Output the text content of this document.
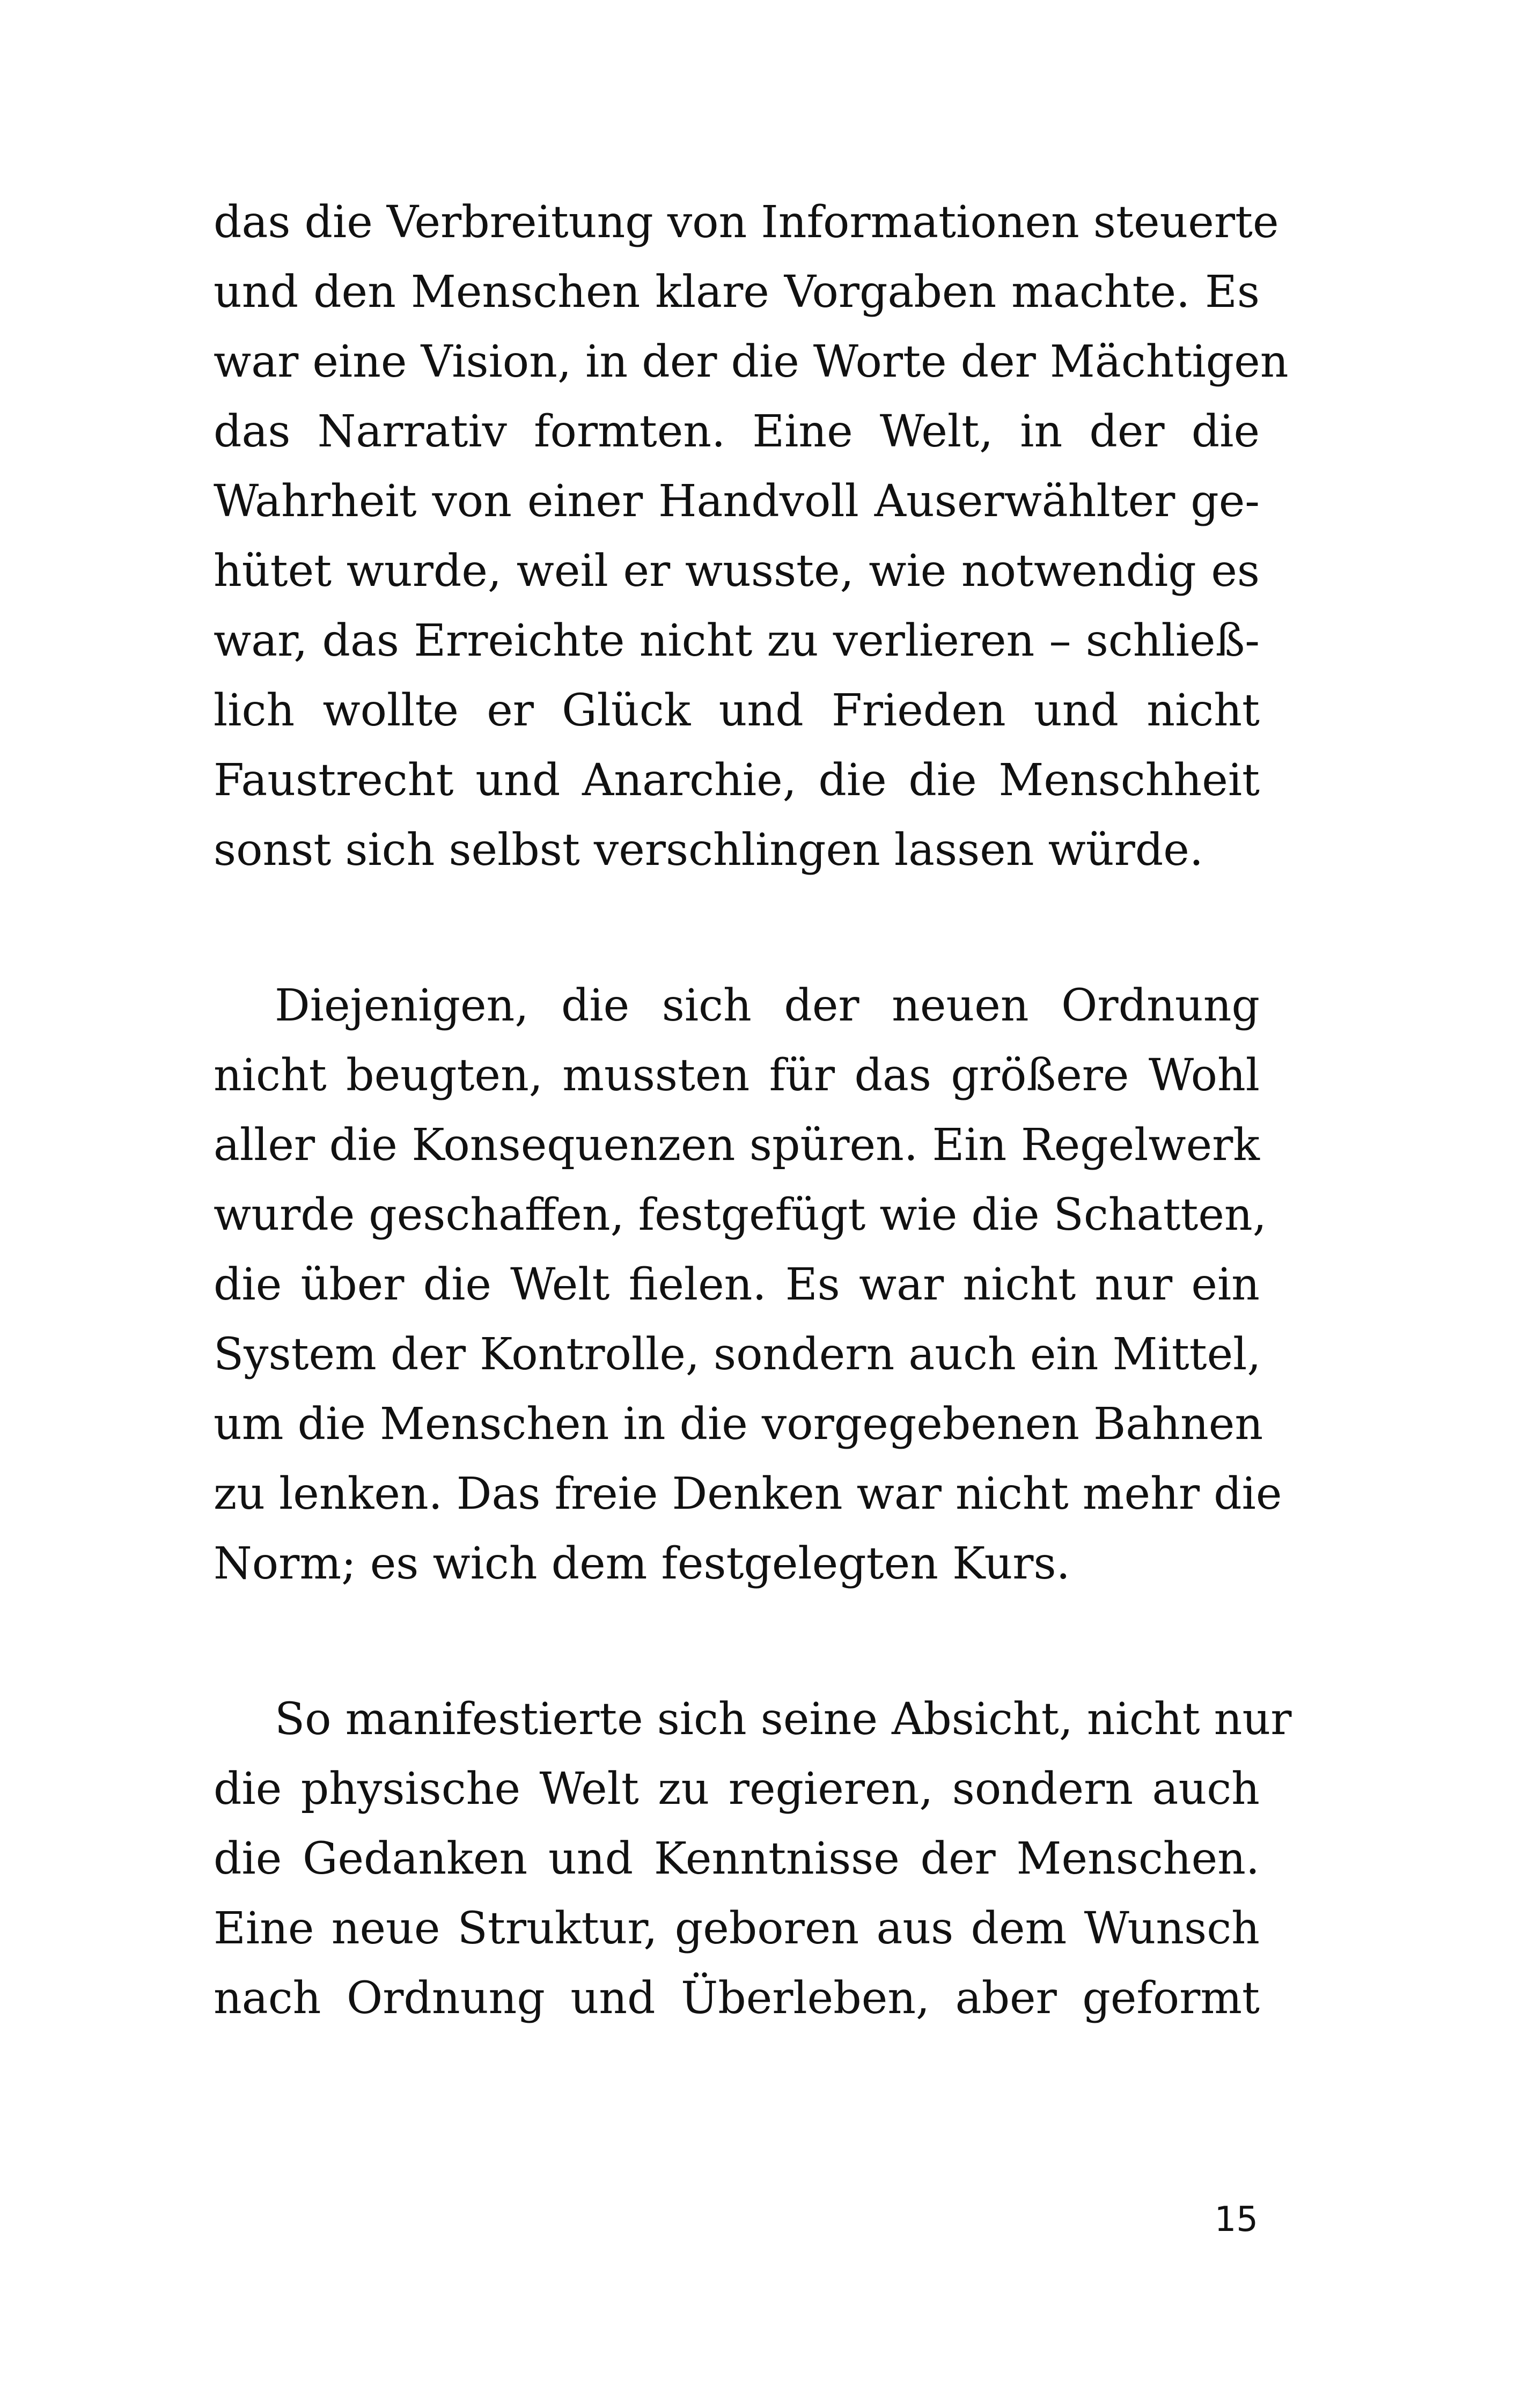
das die Verbreitung von Informationen steuerte
und den Menschen klare Vorgaben machte. Es
war eine Vision, in der die Worte der Mächtigen
das Narrativ formten. Eine Welt, in der die
Wahrheit von einer Handvoll Auserwählter ge-
hütet wurde, weil er wusste, wie notwendig es
war, das Erreichte nicht zu verlieren – schließ-
lich wollte er Glück und Frieden und nicht
Faustrecht und Anarchie, die die Menschheit
sonst sich selbst verschlingen lassen würde.
Diejenigen, die sich der neuen Ordnung
nicht beugten, mussten für das größere Wohl
aller die Konsequenzen spüren. Ein Regelwerk
wurde geschaffen, festgefügt wie die Schatten,
die über die Welt fielen. Es war nicht nur ein
System der Kontrolle, sondern auch ein Mittel,
um die Menschen in die vorgegebenen Bahnen
zu lenken. Das freie Denken war nicht mehr die
Norm; es wich dem festgelegten Kurs.
So manifestierte sich seine Absicht, nicht nur
die physische Welt zu regieren, sondern auch
die Gedanken und Kenntnisse der Menschen.
Eine neue Struktur, geboren aus dem Wunsch
nach Ordnung und Überleben, aber geformt
15
